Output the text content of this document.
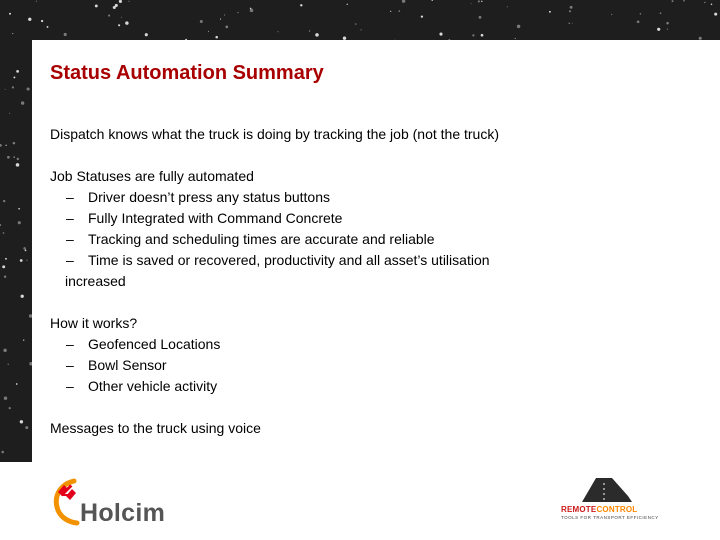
Status Automation Summary

Dispatch knows what the truck is doing by tracking the job (not the truck)

Job Statuses are fully automated
– Driver doesn’t press any status buttons
– Fully Integrated with Command Concrete
– Tracking and scheduling times are accurate and reliable
– Time is saved or recovered, productivity and all asset’s utilisation
increased
How it works?
– Geofenced Locations
– Bowl Sensor
– Other vehicle activity

Messages to the truck using voice

Holcim	REMOTECONTROL
TOOLS FOR TRANSPORT EFFICIENCY
